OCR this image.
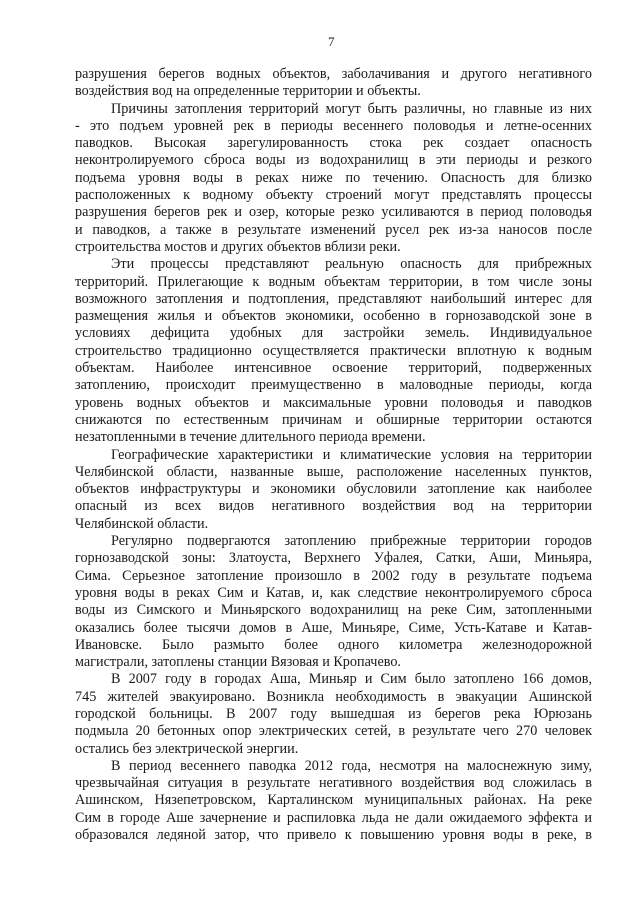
7
разрушения берегов водных объектов, заболачивания и другого негативного
воздействия вод на определенные территории и объекты.
Причины затопления территорий могут быть различны, но главные из них
- это подъем уровней рек в периоды весеннего половодья и летне-осенних
паводков. Высокая зарегулированность стока рек создает опасность
неконтролируемого сброса воды из водохранилищ в эти периоды и резкого
подъема уровня воды в реках ниже по течению. Опасность для близко
расположенных к водному объекту строений могут представлять процессы
разрушения берегов рек и озер, которые резко усиливаются в период половодья
и паводков, а также в результате изменений русел рек из-за наносов после
строительства мостов и других объектов вблизи реки.
Эти процессы представляют реальную опасность для прибрежных
территорий. Прилегающие к водным объектам территории, в том числе зоны
возможного затопления и подтопления, представляют наибольший интерес для
размещения жилья и объектов экономики, особенно в горнозаводской зоне в
условиях дефицита удобных для застройки земель. Индивидуальное
строительство традиционно осуществляется практически вплотную к водным
объектам. Наиболее интенсивное освоение территорий, подверженных
затоплению, происходит преимущественно в маловодные периоды, когда
уровень водных объектов и максимальные уровни половодья и паводков
снижаются по естественным причинам и обширные территории остаются
незатопленными в течение длительного периода времени.
Географические характеристики и климатические условия на территории
Челябинской области, названные выше, расположение населенных пунктов,
объектов инфраструктуры и экономики обусловили затопление как наиболее
опасный из всех видов негативного воздействия вод на территории
Челябинской области.
Регулярно подвергаются затоплению прибрежные территории городов
горнозаводской зоны: Златоуста, Верхнего Уфалея, Сатки, Аши, Миньяра,
Сима. Серьезное затопление произошло в 2002 году в результате подъема
уровня воды в реках Сим и Катав, и, как следствие неконтролируемого сброса
воды из Симского и Миньярского водохранилищ на реке Сим, затопленными
оказались более тысячи домов в Аше, Миньяре, Симе, Усть-Катаве и Катав-
Ивановске. Было размыто более одного километра железнодорожной
магистрали, затоплены станции Вязовая и Кропачево.
В 2007 году в городах Аша, Миньяр и Сим было затоплено 166 домов,
745 жителей эвакуировано. Возникла необходимость в эвакуации Ашинской
городской больницы. В 2007 году вышедшая из берегов река Юрюзань
подмыла 20 бетонных опор электрических сетей, в результате чего 270 человек
остались без электрической энергии.
В период весеннего паводка 2012 года, несмотря на малоснежную зиму,
чрезвычайная ситуация в результате негативного воздействия вод сложилась в
Ашинском, Нязепетровском, Карталинском муниципальных районах. На реке
Сим в городе Аше зачернение и распиловка льда не дали ожидаемого эффекта и
образовался ледяной затор, что привело к повышению уровня воды в реке, в
